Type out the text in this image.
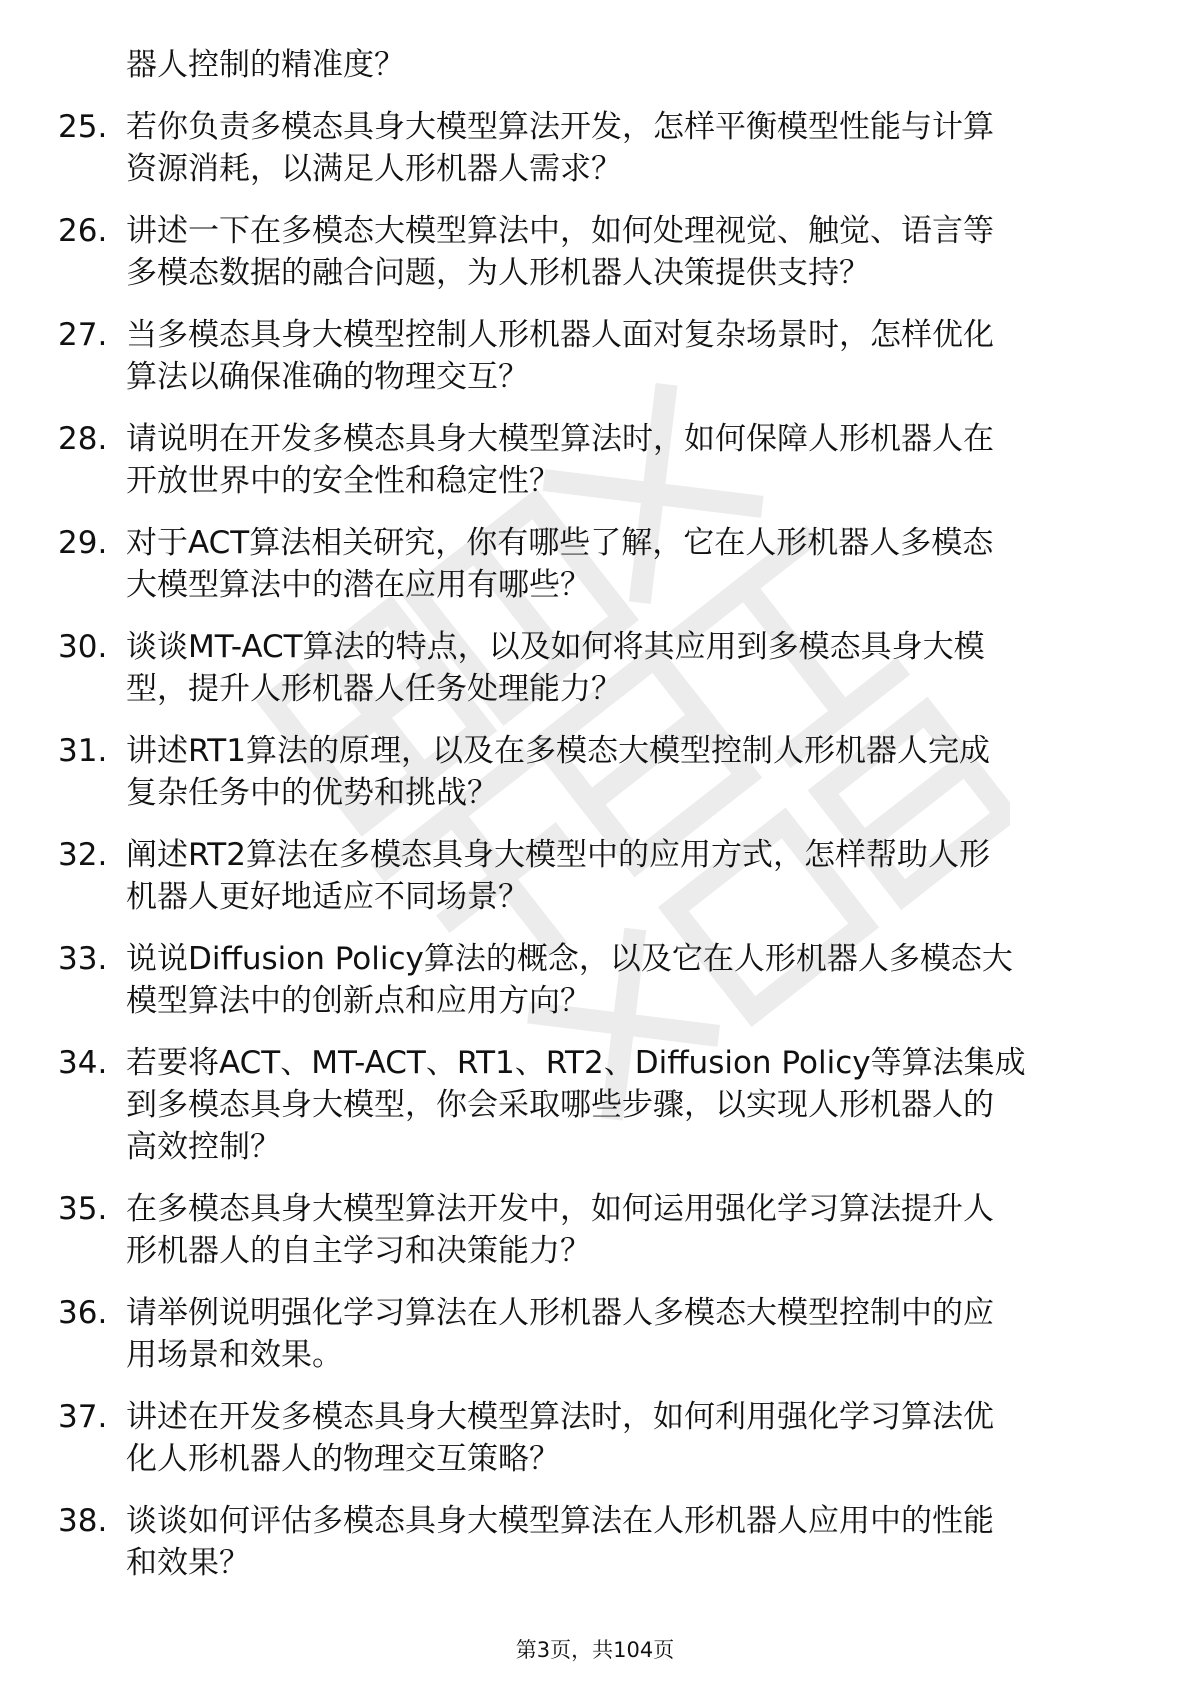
器人控制的精准度？
25. 若你负责多模态具身大模型算法开发，怎样平衡模型性能与计算
资源消耗，以满足人形机器人需求？
26. 讲述一下在多模态大模型算法中，如何处理视觉、触觉、语言等
多模态数据的融合问题，为人形机器人决策提供支持？
27. 当多模态具身大模型控制人形机器人面对复杂场景时，怎样优化
算法以确保准确的物理交互？
28. 请说明在开发多模态具身大模型算法时，如何保障人形机器人在
开放世界中的安全性和稳定性？
29. 对于ACT算法相关研究，你有哪些了解，它在人形机器人多模态
大模型算法中的潜在应用有哪些？
30. 谈谈MT-ACT算法的特点，以及如何将其应用到多模态具身大模
型，提升人形机器人任务处理能力？
31. 讲述RT1算法的原理，以及在多模态大模型控制人形机器人完成
复杂任务中的优势和挑战？
32. 阐述RT2算法在多模态具身大模型中的应用方式，怎样帮助人形
机器人更好地适应不同场景？
33. 说说Diffusion Policy算法的概念，以及它在人形机器人多模态大
模型算法中的创新点和应用方向？
34. 若要将ACT、MT-ACT、RT1、RT2、Diffusion Policy等算法集成
到多模态具身大模型，你会采取哪些步骤，以实现人形机器人的
高效控制？
35. 在多模态具身大模型算法开发中，如何运用强化学习算法提升人
形机器人的自主学习和决策能力？
36. 请举例说明强化学习算法在人形机器人多模态大模型控制中的应
用场景和效果。
37. 讲述在开发多模态具身大模型算法时，如何利用强化学习算法优
化人形机器人的物理交互策略？
38. 谈谈如何评估多模态具身大模型算法在人形机器人应用中的性能
和效果？
第3页，共104页
